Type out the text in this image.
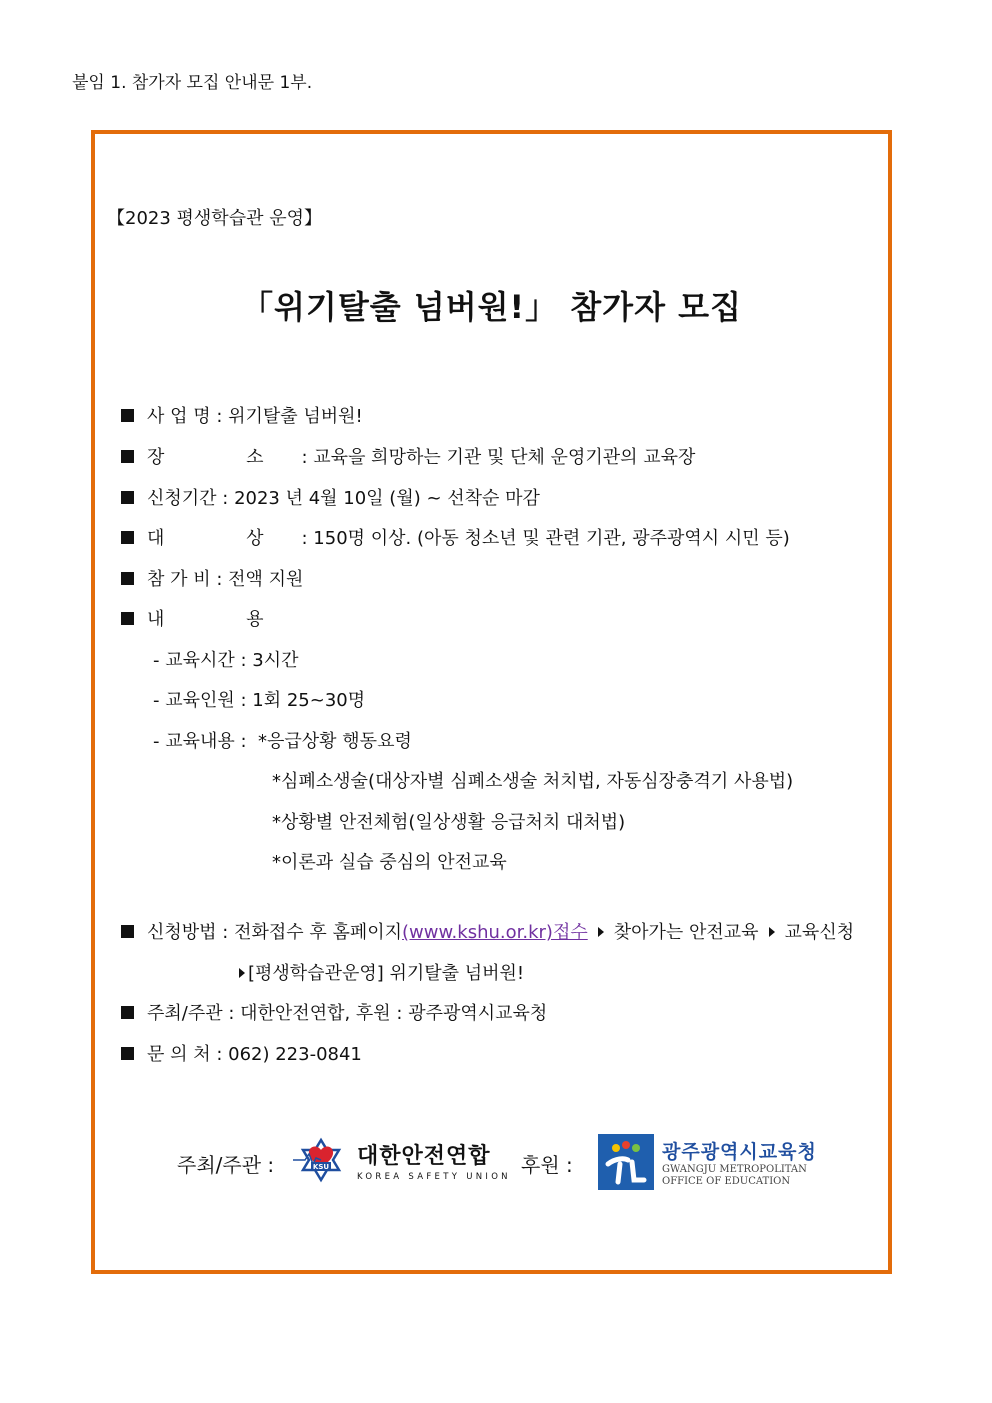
붙임 1. 참가자 모집 안내문 1부.
【2023 평생학습관 운영】
「위기탈출 넘버원!」 참가자 모집
사 업 명 : 위기탈출 넘버원!
장 소: 교육을 희망하는 기관 및 단체 운영기관의 교육장
신청기간 : 2023 년 4월 10일 (월) ~ 선착순 마감
대 상: 150명 이상. (아동 청소년 및 관련 기관, 광주광역시 시민 등)
참 가 비 : 전액 지원
내 용
- 교육시간 : 3시간
- 교육인원 : 1회 25~30명
- 교육내용 :  *응급상황 행동요령
*심폐소생술(대상자별 심폐소생술 처치법, 자동심장충격기 사용법)
*상황별 안전체험(일상생활 응급처치 대처법)
*이론과 실습 중심의 안전교육
신청방법 : 전화접수 후 홈페이지(www.kshu.or.kr)접수 찾아가는 안전교육 교육신청
[평생학습관운영] 위기탈출 넘버원!
주최/주관 : 대한안전연합, 후원 : 광주광역시교육청
문 의 처 : 062) 223-0841
주최/주관 :	KSU 대한안전연합
KOREA SAFETY UNION 후원 :
광주광역시교육청
GWANGJU METROPOLITAN
OFFICE OF EDUCATION
